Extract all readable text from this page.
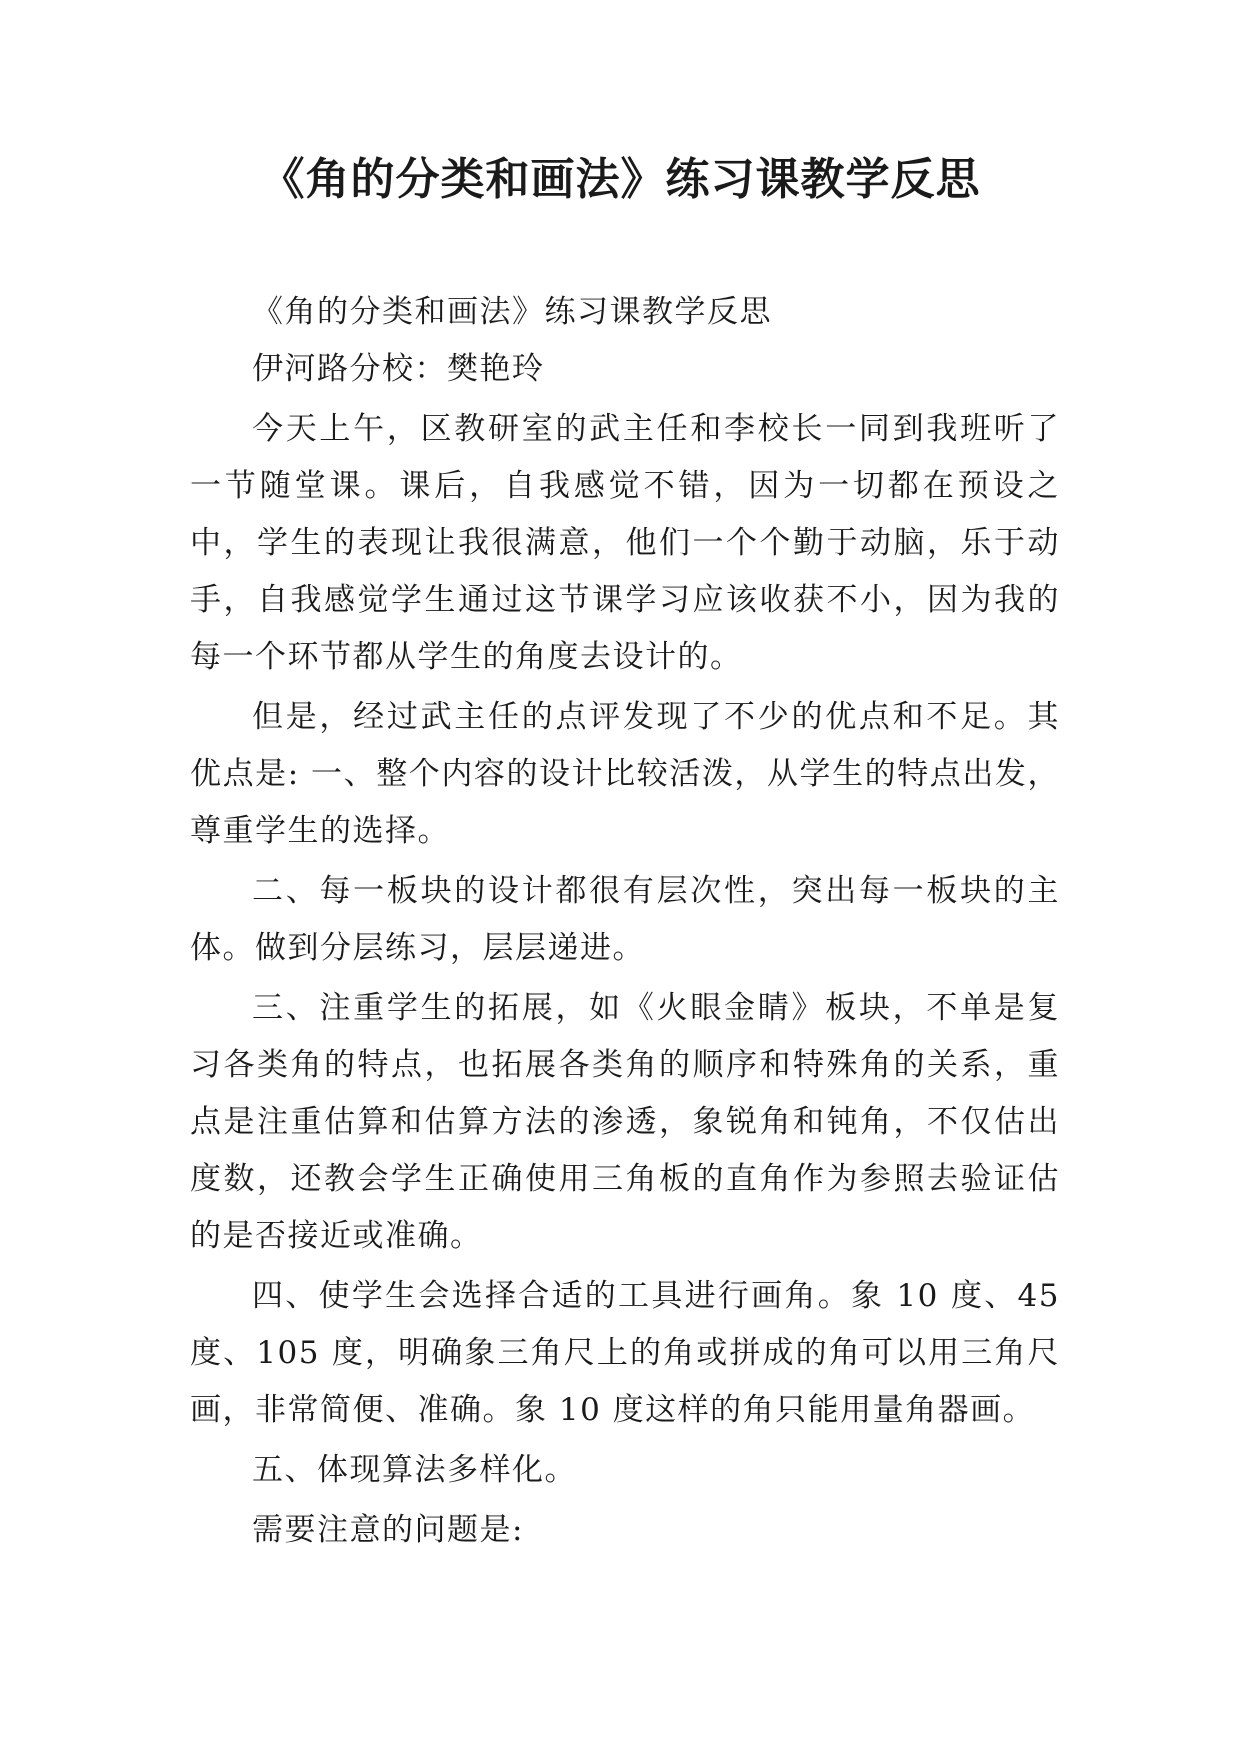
《角的分类和画法》练习课教学反思

《角的分类和画法》练习课教学反思

伊河路分校：樊艳玲

今天上午，区教研室的武主任和李校长一同到我班听了一节随堂课。课后，自我感觉不错，因为一切都在预设之中，学生的表现让我很满意，他们一个个勤于动脑，乐于动手，自我感觉学生通过这节课学习应该收获不小，因为我的每一个环节都从学生的角度去设计的。

但是，经过武主任的点评发现了不少的优点和不足。其优点是: 一、整个内容的设计比较活泼，从学生的特点出发，尊重学生的选择。

二、每一板块的设计都很有层次性，突出每一板块的主体。做到分层练习，层层递进。

三、注重学生的拓展，如《火眼金睛》板块，不单是复习各类角的特点，也拓展各类角的顺序和特殊角的关系，重点是注重估算和估算方法的渗透，象锐角和钝角，不仅估出度数，还教会学生正确使用三角板的直角作为参照去验证估的是否接近或准确。

四、使学生会选择合适的工具进行画角。象 10 度、45 度、105 度，明确象三角尺上的角或拼成的角可以用三角尺画，非常简便、准确。象 10 度这样的角只能用量角器画。

五、体现算法多样化。

需要注意的问题是:
